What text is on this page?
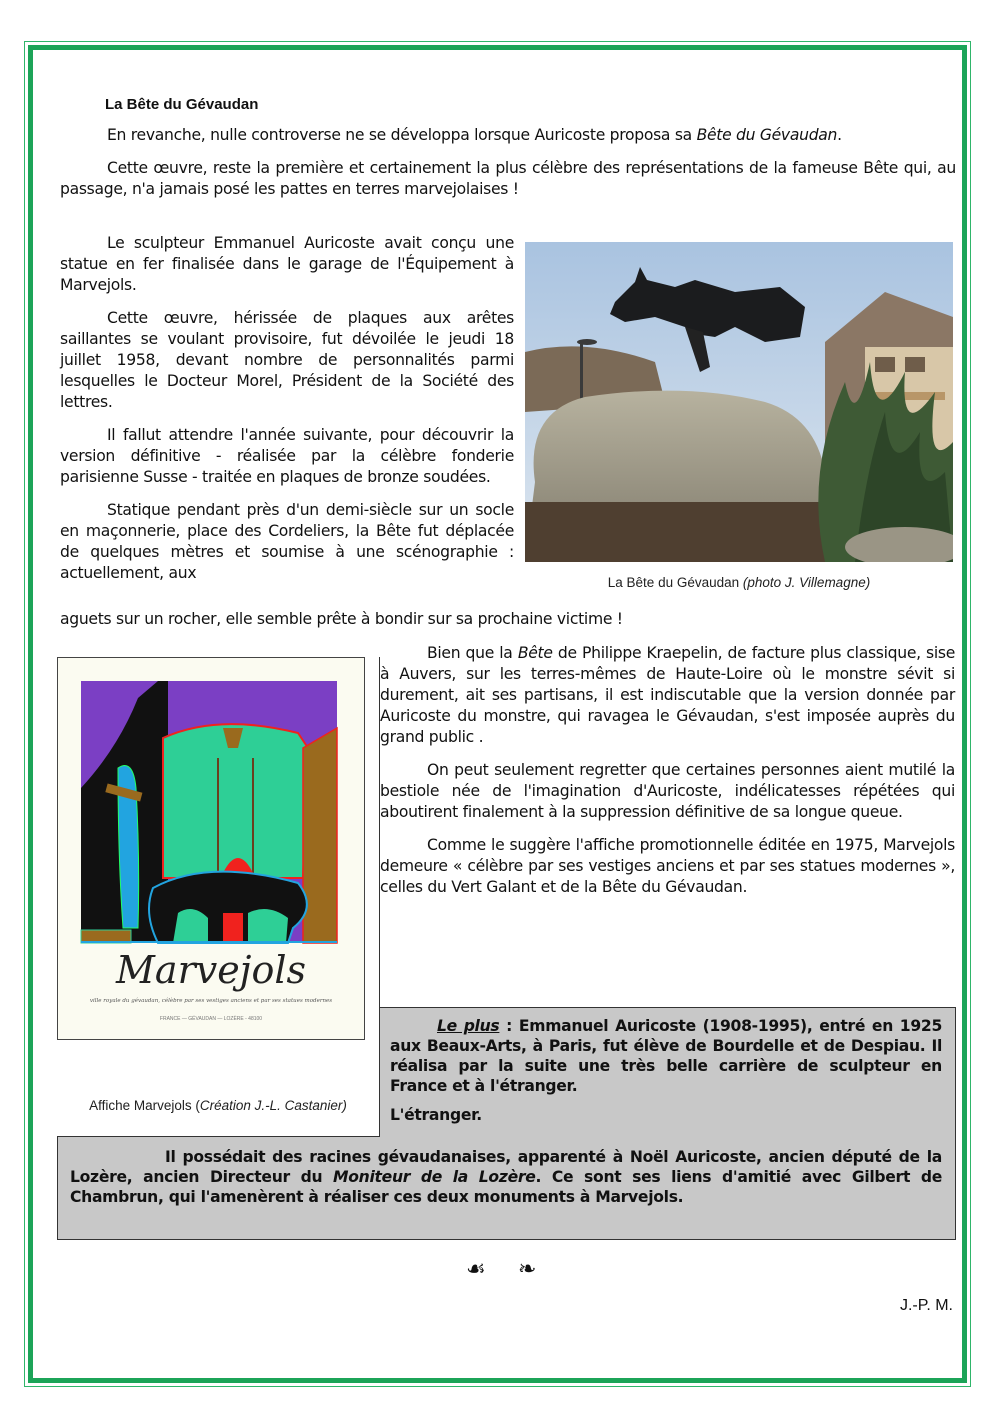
La Bête du Gévaudan

En revanche, nulle controverse ne se développa lorsque Auricoste proposa sa Bête du Gévaudan.

Cette œuvre, reste la première et certainement la plus célèbre des représentations de la fameuse Bête qui, au passage, n'a jamais posé les pattes en terres marvejolaises !

Le sculpteur Emmanuel Auricoste avait conçu une statue en fer finalisée dans le garage de l'Équipement à Marvejols.

Cette œuvre, hérissée de plaques aux arêtes saillantes se voulant provisoire, fut dévoilée le jeudi 18 juillet 1958, devant nombre de personnalités parmi lesquelles le Docteur Morel, Président de la Société des lettres.

Il fallut attendre l'année suivante, pour découvrir la version définitive - réalisée par la célèbre fonderie parisienne Susse - traitée en plaques de bronze soudées.

Statique pendant près d'un demi-siècle sur un socle en maçonnerie, place des Cordeliers, la Bête fut déplacée de quelques mètres et soumise à une scénographie : actuellement, aux

aguets sur un rocher, elle semble prête à bondir sur sa prochaine victime !
La Bête du Gévaudan (photo J. Villemagne)
Marvejols
ville royale du gévaudan, célèbre par ses vestiges anciens et par ses statues modernes
FRANCE — GÉVAUDAN — LOZÈRE - 48100
Affiche Marvejols (Création J.-L. Castanier)

Bien que la Bête de Philippe Kraepelin, de facture plus classique, sise à Auvers, sur les terres-mêmes de Haute-Loire où le monstre sévit si durement, ait ses partisans, il est indiscutable que la version donnée par Auricoste du monstre, qui ravagea le Gévaudan, s'est imposée auprès du grand public .

On peut seulement regretter que certaines personnes aient mutilé la bestiole née de l'imagination d'Auricoste, indélicatesses répétées qui aboutirent finalement à la suppression définitive de sa longue queue.

Comme le suggère l'affiche promotionnelle éditée en 1975, Marvejols demeure « célèbre par ses vestiges anciens et par ses statues modernes », celles du Vert Galant et de la Bête du Gévaudan.

Le plus : Emmanuel Auricoste (1908-1995), entré en 1925 aux Beaux-Arts, à Paris, fut élève de Bourdelle et de Despiau. Il réalisa par la suite une très belle carrière de sculpteur en France et à l'étranger.
L'étranger.
Il possédait des racines gévaudanaises, apparenté à Noël Auricoste, ancien député de la Lozère, ancien Directeur du Moniteur de la Lozère. Ce sont ses liens d'amitié avec Gilbert de Chambrun, qui l'amenèrent à réaliser ces deux monuments à Marvejols.
☙ ❧
J.-P. M.
